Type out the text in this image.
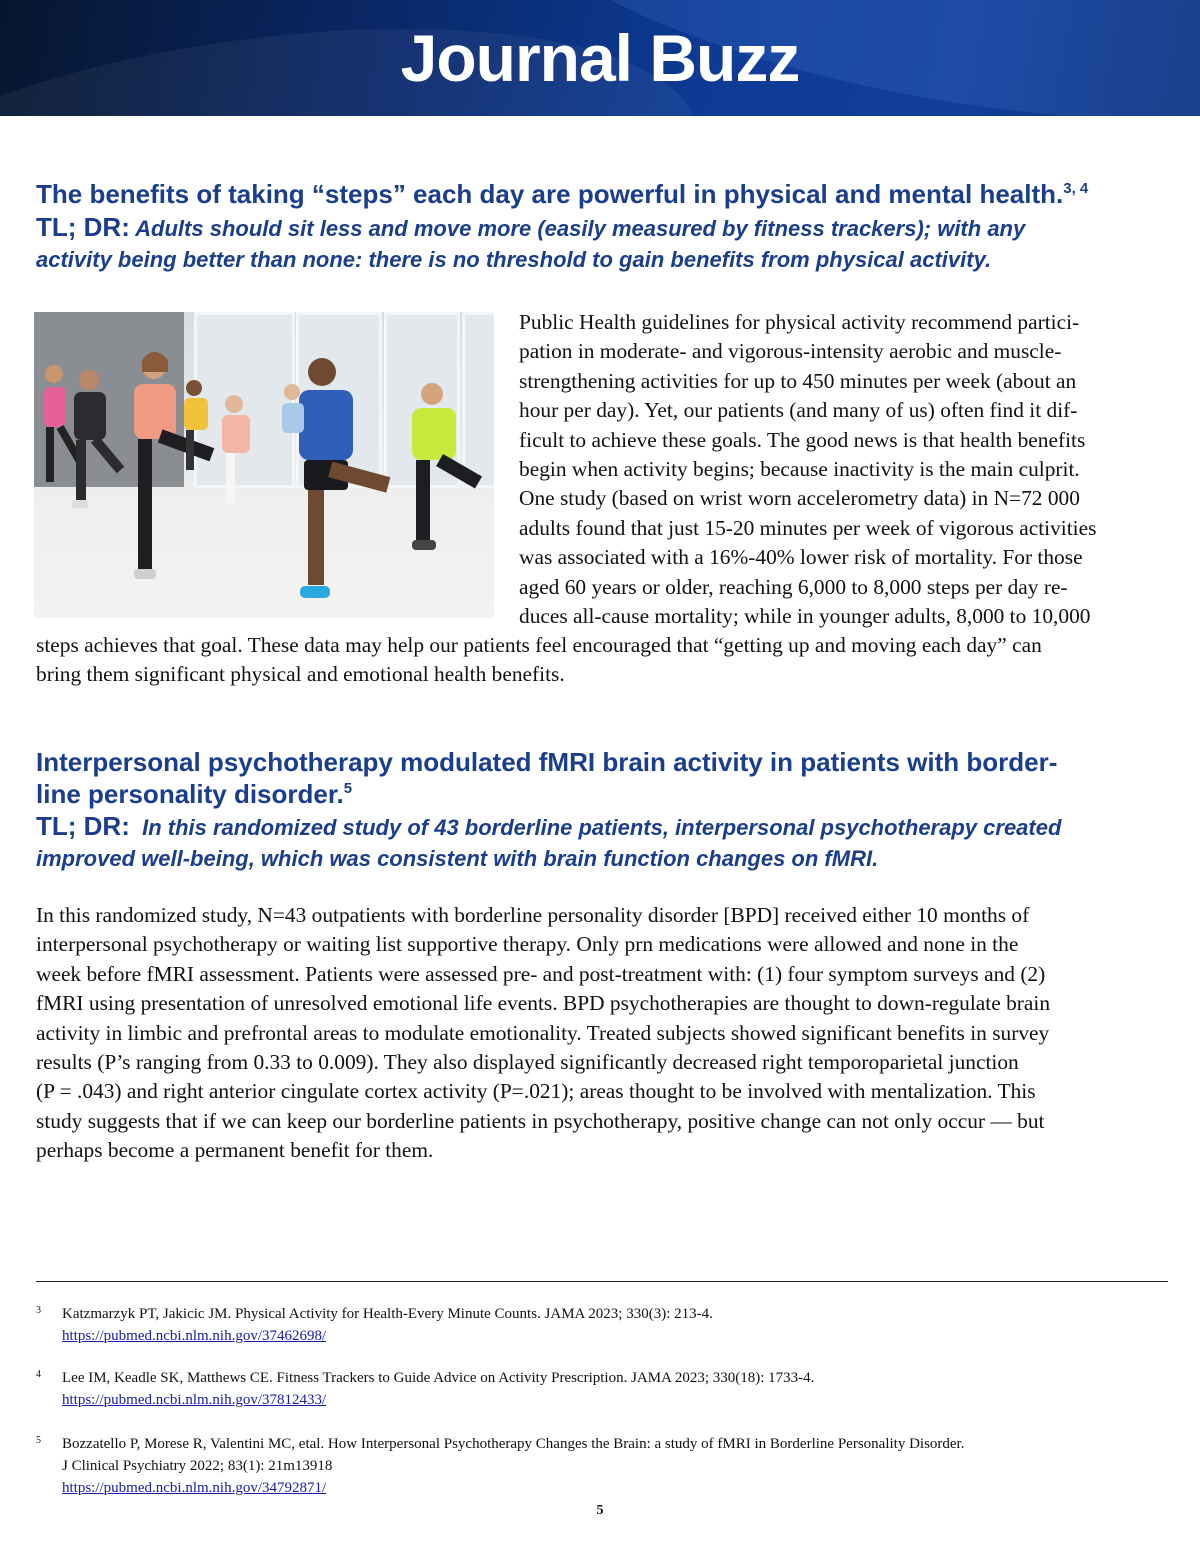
Journal Buzz
The benefits of taking “steps” each day are powerful in physical and mental health.$^{3, 4}$
TL; DR: Adults should sit less and move more (easily measured by fitness trackers); with any
activity being better than none: there is no threshold to gain benefits from physical activity.
Public Health guidelines for physical activity recommend partici-
pation in moderate- and vigorous-intensity aerobic and muscle-
strengthening activities for up to 450 minutes per week (about an
hour per day). Yet, our patients (and many of us) often find it dif-
ficult to achieve these goals. The good news is that health benefits
begin when activity begins; because inactivity is the main culprit.
One study (based on wrist worn accelerometry data) in N=72 000
adults found that just 15-20 minutes per week of vigorous activities
was associated with a 16%-40% lower risk of mortality. For those
aged 60 years or older, reaching 6,000 to 8,000 steps per day re-
duces all-cause mortality; while in younger adults, 8,000 to 10,000
steps achieves that goal. These data may help our patients feel encouraged that “getting up and moving each day” can
bring them significant physical and emotional health benefits.
Interpersonal psychotherapy modulated fMRI brain activity in patients with border-
line personality disorder.$^5$
TL; DR: In this randomized study of 43 borderline patients, interpersonal psychotherapy created
improved well-being, which was consistent with brain function changes on fMRI.
In this randomized study, N=43 outpatients with borderline personality disorder [BPD] received either 10 months of
interpersonal psychotherapy or waiting list supportive therapy. Only prn medications were allowed and none in the
week before fMRI assessment. Patients were assessed pre- and post-treatment with: (1) four symptom surveys and (2)
fMRI using presentation of unresolved emotional life events. BPD psychotherapies are thought to down-regulate brain
activity in limbic and prefrontal areas to modulate emotionality. Treated subjects showed significant benefits in survey
results (P’s ranging from 0.33 to 0.009). They also displayed significantly decreased right temporoparietal junction
(P = .043) and right anterior cingulate cortex activity (P=.021); areas thought to be involved with mentalization. This
study suggests that if we can keep our borderline patients in psychotherapy, positive change can not only occur — but
perhaps become a permanent benefit for them.
3 Katzmarzyk PT, Jakicic JM. Physical Activity for Health-Every Minute Counts. JAMA 2023; 330(3): 213-4.
https://pubmed.ncbi.nlm.nih.gov/37462698/
4 Lee IM, Keadle SK, Matthews CE. Fitness Trackers to Guide Advice on Activity Prescription. JAMA 2023; 330(18): 1733-4.
https://pubmed.ncbi.nlm.nih.gov/37812433/
5 Bozzatello P, Morese R, Valentini MC, etal. How Interpersonal Psychotherapy Changes the Brain: a study of fMRI in Borderline Personality Disorder.
J Clinical Psychiatry 2022; 83(1): 21m13918
https://pubmed.ncbi.nlm.nih.gov/34792871/
5
